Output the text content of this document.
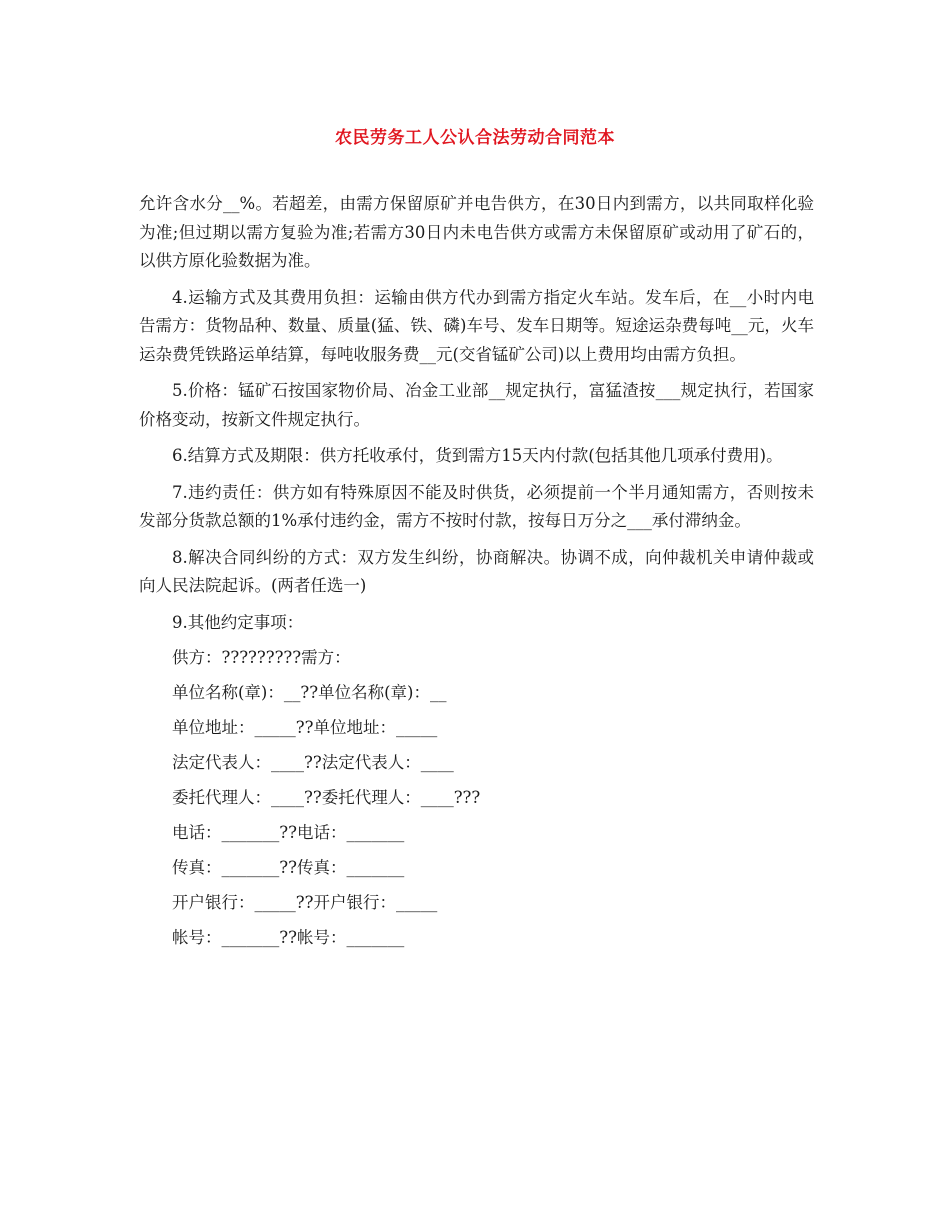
农民劳务工人公认合法劳动合同范本

允许含水分__%。若超差，由需方保留原矿并电告供方，在30日内到需方，以共同取样化验为准;但过期以需方复验为准;若需方30日内未电告供方或需方未保留原矿或动用了矿石的，以供方原化验数据为准。

4.运输方式及其费用负担：运输由供方代办到需方指定火车站。发车后，在__小时内电告需方：货物品种、数量、质量(猛、铁、磷)车号、发车日期等。短途运杂费每吨__元，火车运杂费凭铁路运单结算，每吨收服务费__元(交省锰矿公司)以上费用均由需方负担。

5.价格：锰矿石按国家物价局、冶金工业部__规定执行，富猛渣按___规定执行，若国家价格变动，按新文件规定执行。

6.结算方式及期限：供方托收承付，货到需方15天内付款(包括其他几项承付费用)。

7.违约责任：供方如有特殊原因不能及时供货，必须提前一个半月通知需方，否则按未发部分货款总额的1%承付违约金，需方不按时付款，按每日万分之___承付滞纳金。

8.解决合同纠纷的方式：双方发生纠纷，协商解决。协调不成，向仲裁机关申请仲裁或向人民法院起诉。(两者任选一)

9.其他约定事项：

供方：?????????需方：

单位名称(章)：__??单位名称(章)：__

单位地址：_____??单位地址：_____

法定代表人：____??法定代表人：____

委托代理人：____??委托代理人：____???

电话：_______??电话：_______

传真：_______??传真：_______

开户银行：_____??开户银行：_____

帐号：_______??帐号：_______
